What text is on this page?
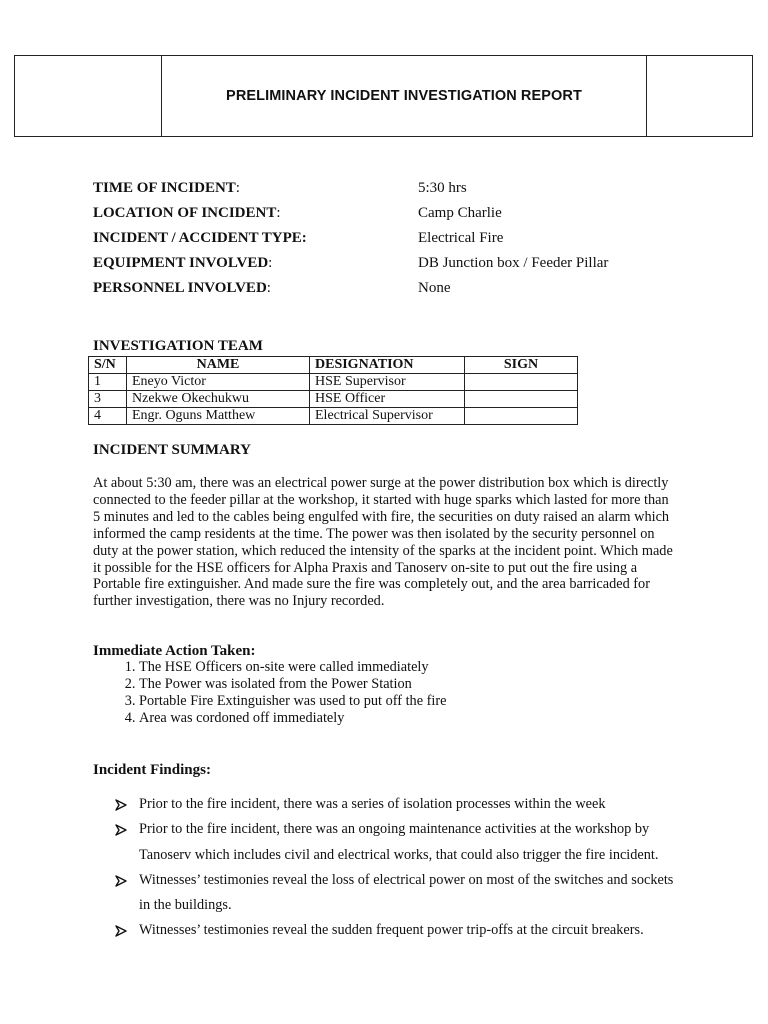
PRELIMINARY INCIDENT INVESTIGATION REPORT
TIME OF INCIDENT:	5:30 hrs
LOCATION OF INCIDENT:	Camp Charlie
INCIDENT / ACCIDENT TYPE:	Electrical Fire
EQUIPMENT INVOLVED:	DB Junction box / Feeder Pillar
PERSONNEL INVOLVED:	None
INVESTIGATION TEAM
S/N	NAME	DESIGNATION	SIGN
1	Eneyo Victor	HSE Supervisor	
3	Nzekwe Okechukwu	HSE Officer	
4	Engr. Oguns Matthew	Electrical Supervisor	
INCIDENT SUMMARY

At about 5:30 am, there was an electrical power surge at the power distribution box which is directly connected to the feeder pillar at the workshop, it started with huge sparks which lasted for more than 5 minutes and led to the cables being engulfed with fire, the securities on duty raised an alarm which informed the camp residents at the time. The power was then isolated by the security personnel on duty at the power station, which reduced the intensity of the sparks at the incident point. Which made it possible for the HSE officers for Alpha Praxis and Tanoserv on-site to put out the fire using a Portable fire extinguisher. And made sure the fire was completely out, and the area barricaded for further investigation, there was no Injury recorded.

Immediate Action Taken:
1. The HSE Officers on-site were called immediately
2. The Power was isolated from the Power Station
3. Portable Fire Extinguisher was used to put off the fire
4. Area was cordoned off immediately
Incident Findings:
Prior to the fire incident, there was a series of isolation processes within the week
Prior to the fire incident, there was an ongoing maintenance activities at the workshop by Tanoserv which includes civil and electrical works, that could also trigger the fire incident.
Witnesses’ testimonies reveal the loss of electrical power on most of the switches and sockets in the buildings.
Witnesses’ testimonies reveal the sudden frequent power trip-offs at the circuit breakers.
